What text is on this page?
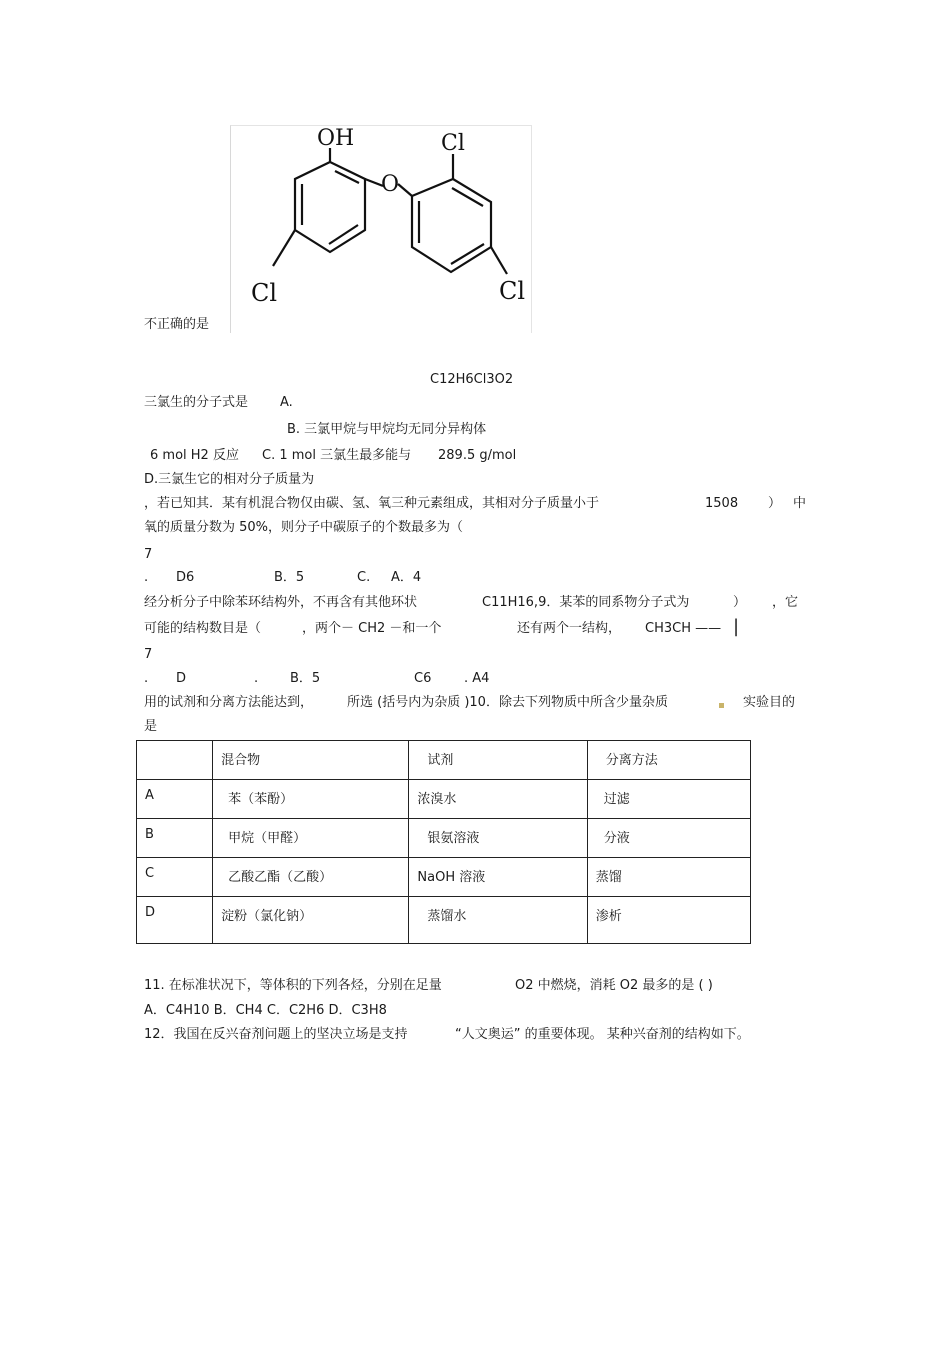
OH
O
Cl
Cl	Cl
不正确的是
C12H6Cl3O2
三氯生的分子式是 A.
B. 三氯甲烷与甲烷均无同分异构体
6 mol H2 反应 C. 1 mol 三氯生最多能与 289.5 g/mol
D.三氯生它的相对分子质量为
，若已知其．某有机混合物仅由碳、氢、氧三种元素组成，其相对分子质量小于	1508 ） 中
氧的质量分数为 50%，则分子中碳原子的个数最多为（
7
. D6	B．5	C. A．4
经分析分子中除苯环结构外，不再含有其他环状	C11H16,9．某苯的同系物分子式为	） ，它
可能的结构数目是（	，两个－ CH2 －和一个	还有两个一结构， CH3CH —— |
7
. D	. B．5	C6	. A4
用的试剂和分离方法能达到，	所选 (括号内为杂质 )10．除去下列物质中所含少量杂质	实验目的
是

	混合物	试剂	分离方法

A	苯（苯酚）	浓溴水	过滤

B	甲烷（甲醛）	银氨溶液	分液

C	乙酸乙酯（乙酸）	NaOH 溶液	蒸馏

D	淀粉（氯化钠）	蒸馏水	渗析
11. 在标准状况下，等体积的下列各烃，分别在足量	O2 中燃烧，消耗 O2 最多的是 ( )
A．C4H10 B．CH4 C．C2H6 D．C3H8
12．我国在反兴奋剂问题上的坚决立场是支持	“人文奥运” 的重要体现。 某种兴奋剂的结构如下。
